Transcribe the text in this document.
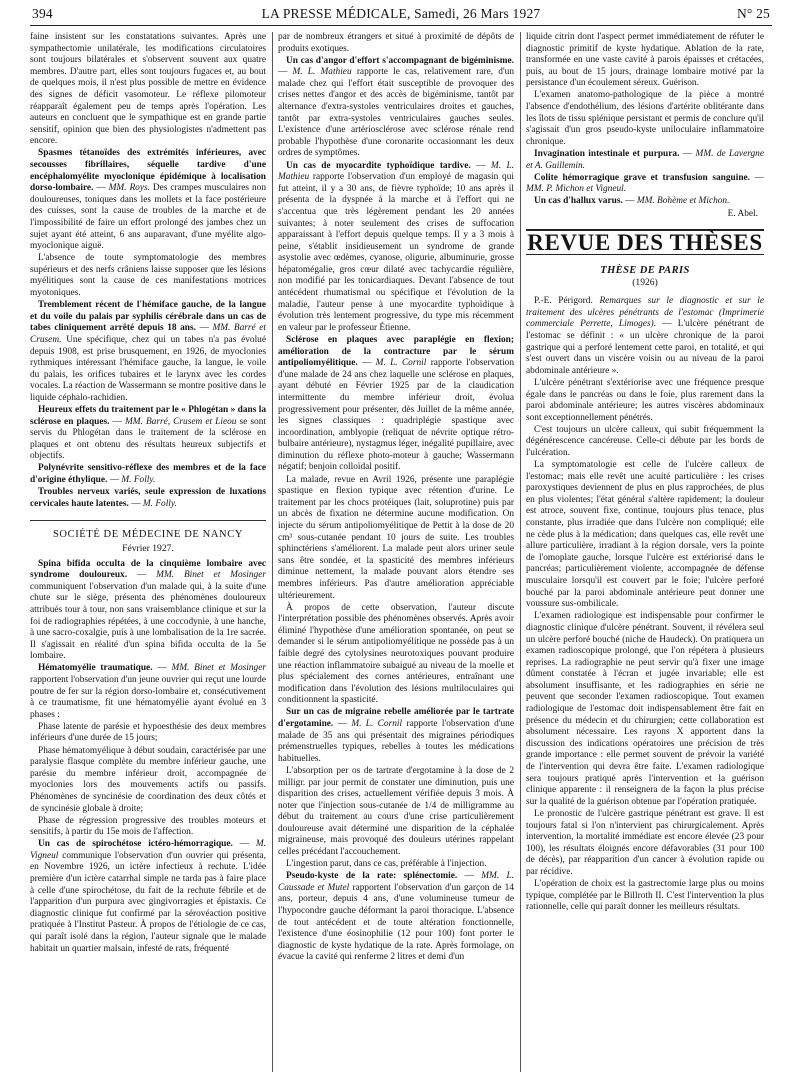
394	LA PRESSE MÉDICALE, Samedi, 26 Mars 1927	N° 25

faine insistent sur les constatations suivantes. Après une sympathectomie unilatérale, les modifications circulatoires sont toujours bilatérales et s'observent souvent aux quatre membres. D'autre part, elles sont toujours fugaces et, au bout de quelques mois, il n'est plus possible de mettre en évidence des signes de déficit vasomoteur. Le réflexe pilomoteur réapparaît également peu de temps après l'opération. Les auteurs en concluent que le sympathique est en grande partie sensitif, opinion que bien des physiologistes n'admettent pas encore.

Spasmes tétanoïdes des extrémités inférieures, avec secousses fibrillaires, séquelle tardive d'une encéphalomyélite myoclonique épidémique à localisation dorso-lombaire. — MM. Roys. Des crampes musculaires non douloureuses, toniques dans les mollets et la face postérieure des cuisses, sont la cause de troubles de la marche et de l'impossibilité de faire un effort prolongé des jambes chez un sujet ayant été atteint, 6 ans auparavant, d'une myélite algo-myoclonique aiguë.

L'absence de toute symptomatologie des membres supérieurs et des nerfs crâniens laisse supposer que les lésions myélitiques sont la cause de ces manifestations motrices myotoniques.

Tremblement récent de l'hémiface gauche, de la langue et du voile du palais par syphilis cérébrale dans un cas de tabes cliniquement arrêté depuis 18 ans. — MM. Barré et Crusem. Une spécifique, chez qui un tabes n'a pas évolué depuis 1908, est prise brusquement, en 1926, de myoclonies rythmiques intéressant l'hémiface gauche, la langue, le voile du palais, les orifices tubaires et le larynx avec les cordes vocales. La réaction de Wassermann se montre positive dans le liquide céphalo-rachidien.

Heureux effets du traitement par le « Phlogétan » dans la sclérose en plaques. — MM. Barré, Crusem et Lieou se sont servis du Phlogétan dans le traitement de la sclérose en plaques et ont obtenu des résultats heureux subjectifs et objectifs.

Polynévrite sensitivo-réflexe des membres et de la face d'origine éthylique. — M. Folly.

Troubles nerveux variés, seule expression de luxations cervicales haute latentes. — M. Folly.

SOCIÉTÉ DE MÉDECINE DE NANCY
Février 1927.

Spina bifida occulta de la cinquième lombaire avec syndrome douloureux. — MM. Binet et Mosinger communiquent l'observation d'un malade qui, à la suite d'une chute sur le siège, présenta des phénomènes douloureux attribués tour à tour, non sans vraisemblance clinique et sur la foi de radiographies répétées, à une coccodynie, à une hanche, à une sacro-coxalgie, puis à une lombalisation de la 1re sacrée. Il s'agissait en réalité d'un spina bifida occulta de la 5e lombaire.

Hématomyélie traumatique. — MM. Binet et Mosinger rapportent l'observation d'un jeune ouvrier qui reçut une lourde poutre de fer sur la région dorso-lombaire et, consécutivement à ce traumatisme, fit une hématomyélie ayant évolué en 3 phases :

Phase latente de parésie et hypoesthésie des deux membres inférieurs d'une durée de 15 jours;

Phase hématomyélique à début soudain, caractérisée par une paralysie flasque complète du membre inférieur gauche, une parésie du membre inférieur droit, accompagnée de myoclonies lors des mouvements actifs ou passifs. Phénomènes de syncinésie de coordination des deux côtés et de syncinésie globale à droite;

Phase de régression progressive des troubles moteurs et sensitifs, à partir du 15e mois de l'affection.

Un cas de spirochétose ictéro-hémorragique. — M. Vigneul communique l'observation d'un ouvrier qui présenta, en Novembre 1926, un ictère infectieux à rechute. L'idée première d'un ictère catarrhal simple ne tarda pas à faire place à celle d'une spirochétose, du fait de la rechute fébrile et de l'apparition d'un purpura avec gingivorragies et épistaxis. Ce diagnostic clinique fut confirmé par la sérovéaction positive pratiquée à l'Institut Pasteur. À propos de l'étiologie de ce cas, qui paraît isolé dans la région, l'auteur signale que le malade habitait un quartier malsain, infesté de rats, fréquenté

par de nombreux étrangers et situé à proximité de dépôts de produits exotiques.

Un cas d'angor d'effort s'accompagnant de bigéminisme. — M. L. Mathieu rapporte le cas, relativement rare, d'un malade chez qui l'effort était susceptible de provoquer des crises nettes d'angor et des accès de bigéminisme, tantôt par alternance d'extra-systoles ventriculaires droites et gauches, tantôt par extra-systoles ventriculaires gauches seules. L'existence d'une artériosclérose avec sclérose rénale rend probable l'hypothèse d'une coronarite occasionnant les deux ordres de symptômes.

Un cas de myocardite typhoïdique tardive. — M. L. Mathieu rapporte l'observation d'un employé de magasin qui fut atteint, il y a 30 ans, de fièvre typhoïde; 10 ans après il présenta de la dyspnée à la marche et à l'effort qui ne s'accentua que très légèrement pendant les 20 années suivantes; à noter seulement des crises de suffocation apparaissant à l'effort depuis quelque temps. Il y a 3 mois à peine, s'établit insidieusement un syndrome de grande asystolie avec œdèmes, cyanose, oligurie, albuminurie, grosse hépatomégalie, gros cœur dilaté avec tachycardie régulière, non modifié par les tonicardiaques. Devant l'absence de tout antécédent rhumatismal ou spécifique et l'évolution de la maladie, l'auteur pense à une myocardite typhoïdique à évolution très lentement progressive, du type mis récemment en valeur par le professeur Étienne.

Sclérose en plaques avec paraplégie en flexion; amélioration de la contracture par le sérum antipoliomyélitique. — M. L. Cornil rapporte l'observation d'une malade de 24 ans chez laquelle une sclérose en plaques, ayant débuté en Février 1925 par de la claudication intermittente du membre inférieur droit, évolua progressivement pour présenter, dès Juillet de la même année, les signes classiques : quadriplégie spastique avec incoordination, amblyopie (reliquat de névrite optique rétro-bulbaire antérieure), nystagmus léger, inégalité pupillaire, avec diminution du réflexe photo-moteur à gauche; Wassermann négatif; benjoin colloïdal positif.

La malade, revue en Avril 1926, présente une paraplégie spastique en flexion typique avec rétention d'urine. Le traitement par les chocs protéiques (lait, soluprotine) puis par un abcès de fixation ne détermine aucune modification. On injecte du sérum antipoliomyélitique de Pettit à la dose de 20 cm³ sous-cutanée pendant 10 jours de suite. Les troubles sphinctériens s'améliorent. La malade peut alors uriner seule sans être sondée, et la spasticité des membres inférieurs diminue nettement, la malade pouvant alors étendre ses membres inférieurs. Pas d'autre amélioration appréciable ultérieurement.

À propos de cette observation, l'auteur discute l'interprétation possible des phénomènes observés. Après avoir éliminé l'hypothèse d'une amélioration spontanée, on peut se demander si le sérum antipoliomyélitique ne possède pas à un faible degré des cytolysines neurotoxiques pouvant produire une réaction inflammatoire subaiguë au niveau de la moelle et plus spécialement des cornes antérieures, entraînant une modification dans l'évolution des lésions multiloculaires qui conditionnent la spasticité.

Sur un cas de migraine rebelle améliorée par le tartrate d'ergotamine. — M. L. Cornil rapporte l'observation d'une malade de 35 ans qui présentait des migraines périodiques prémenstruelles typiques, rebelles à toutes les médications habituelles.

L'absorption per os de tartrate d'ergotamine à la dose de 2 milligr. par jour permit de constater une diminution, puis une disparition des crises, actuellement vérifiée depuis 3 mois. À noter que l'injection sous-cutanée de 1/4 de milligramme au début du traitement au cours d'une crise particulièrement douloureuse avait déterminé une disparition de la céphalée migraineuse, mais provoqué des douleurs utérines rappelant celles précédant l'accouchement.

L'ingestion parut, dans ce cas, préférable à l'injection.

Pseudo-kyste de la rate: splénectomie. — MM. L. Caussade et Mutel rapportent l'observation d'un garçon de 14 ans, porteur, depuis 4 ans, d'une volumineuse tumeur de l'hypocondre gauche déformant la paroi thoracique. L'absence de tout antécédent et de toute altération fonctionnelle, l'existence d'une éosinophilie (12 pour 100) font porter le diagnostic de kyste hydatique de la rate. Après formolage, on évacue la cavité qui renferme 2 litres et demi d'un

liquide citrin dont l'aspect permet immédiatement de réfuter le diagnostic primitif de kyste hydatique. Ablation de la rate, transformée en une vaste cavité à parois épaisses et crétacées, puis, au bout de 15 jours, drainage lombaire motivé par la persistance d'un écoulement séreux. Guérison.

L'examen anatomo-pathologique de la pièce a montré l'absence d'endothélium, des lésions d'artérite oblitérante dans les îlots de tissu splénique persistant et permis de conclure qu'il s'agissait d'un gros pseudo-kyste uniloculaire inflammatoire chronique.

Invagination intestinale et purpura. — MM. de Lavergne et A. Guillemin.

Colite hémorragique grave et transfusion sanguine. — MM. P. Michon et Vigneul.

Un cas d'hallux varus. — MM. Bohème et Michon.

E. Abel.
REVUE DES THÈSES
THÈSE DE PARIS
(1926)

P.-E. Périgord. Remarques sur le diagnostic et sur le traitement des ulcères pénétrants de l'estomac (Imprimerie commerciale Perrette, Limoges). — L'ulcère pénétrant de l'estomac se définit : « un ulcère chronique de la paroi gastrique qui a perforé lentement cette paroi, en totalité, et qui s'est ouvert dans un viscère voisin ou au niveau de la paroi abdominale antérieure ».

L'ulcère pénétrant s'extériorise avec une fréquence presque égale dans le pancréas ou dans le foie, plus rarement dans la paroi abdominale antérieure; les autres viscères abdominaux sont exceptionnellement pénétrés.

C'est toujours un ulcère calleux, qui subit fréquemment la dégénérescence cancéreuse. Celle-ci débute par les bords de l'ulcération.

La symptomatologie est celle de l'ulcère calleux de l'estomac; mais elle revêt une acuité particulière : les crises paroxystiques deviennent de plus en plus rapprochées, de plus en plus violentes; l'état général s'altère rapidement; la douleur est atroce, souvent fixe, continue, toujours plus tenace, plus constante, plus irradiée que dans l'ulcère non compliqué; elle ne cède plus à la médication; dans quelques cas, elle revêt une allure particulière, irradiant à la région dorsale, vers la pointe de l'omoplate gauche, lorsque l'ulcère est extériorisé dans le pancréas; particulièrement violente, accompagnée de défense musculaire lorsqu'il est couvert par le foie; l'ulcère perforé bouché par la paroi abdominale antérieure peut donner une voussure sus-ombilicale.

L'examen radiologique est indispensable pour confirmer le diagnostic clinique d'ulcère pénétrant. Souvent, il révélera seul un ulcère perforé bouché (niche de Haudeck). On pratiquera un examen radioscopique prolongé, que l'on répétera à plusieurs reprises. La radiographie ne peut servir qu'à fixer une image dûment constatée à l'écran et jugée invariable; elle est absolument insuffisante, et les radiographies en série ne peuvent que seconder l'examen radioscopique. Tout examen radiologique de l'estomac doit indispensablement être fait en présence du médecin et du chirurgien; cette collaboration est absolument nécessaire. Les rayons X apportent dans la discussion des indications opératoires une précision de très grande importance : elle permet souvent de prévoir la variété de l'intervention qui devra être faite. L'examen radiologique sera toujours pratiqué après l'intervention et la guérison clinique apparente : il renseignera de la façon la plus précise sur la qualité de la guérison obtenue par l'opération pratiquée.

Le pronostic de l'ulcère gastrique pénétrant est grave. Il est toujours fatal si l'on n'intervient pas chirurgicalement. Après intervention, la mortalité immédiate est encore élevée (23 pour 100), les résultats éloignés encore défavorables (31 pour 100 de décès), par réapparition d'un cancer à évolution rapide ou par récidive.

L'opération de choix est la gastrectomie large plus ou moins typique, complétée par le Billroth II. C'est l'intervention la plus rationnelle, celle qui paraît donner les meilleurs résultats.
